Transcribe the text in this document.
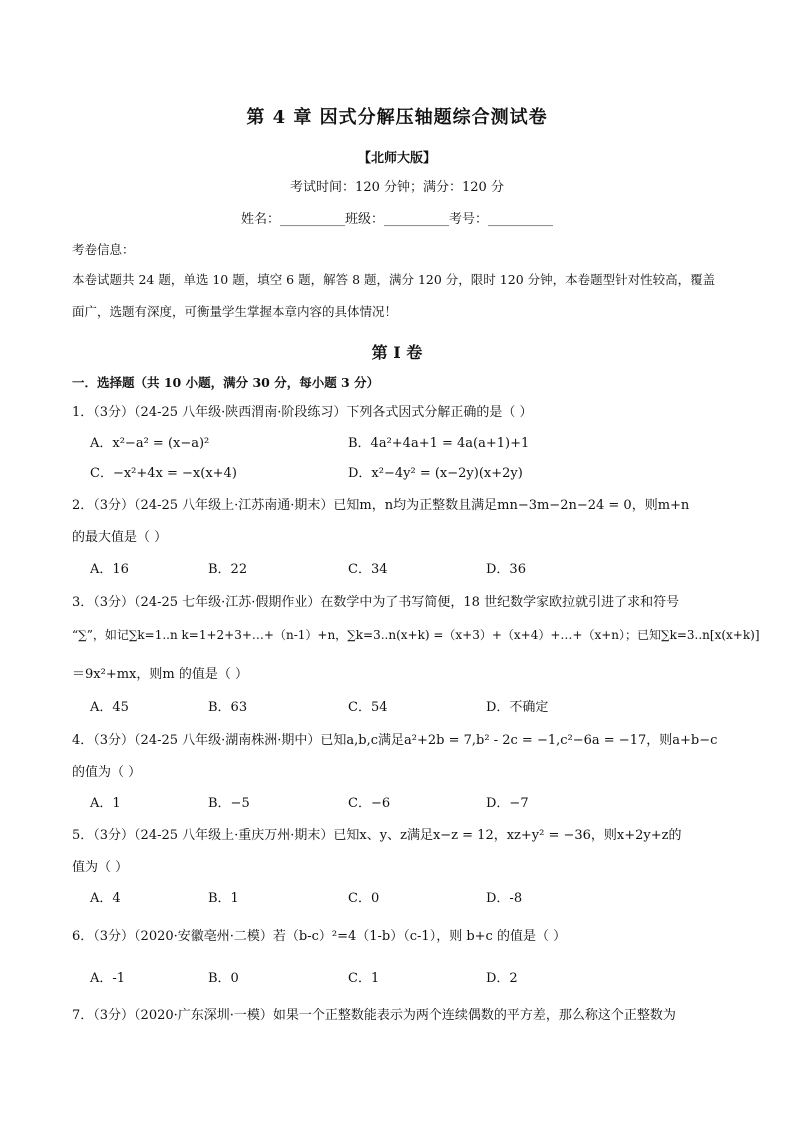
第 4 章 因式分解压轴题综合测试卷
【北师大版】
考试时间：120 分钟；满分：120 分
姓名：__________班级：__________考号：__________
考卷信息：
本卷试题共 24 题，单选 10 题，填空 6 题，解答 8 题，满分 120 分，限时 120 分钟，本卷题型针对性较高，覆盖
面广，选题有深度，可衡量学生掌握本章内容的具体情况！
第 I 卷
一．选择题（共 10 小题，满分 30 分，每小题 3 分）
1．（3分）（24-25 八年级·陕西渭南·阶段练习）下列各式因式分解正确的是（ ）
A．x²−a² = (x−a)²	B．4a²+4a+1 = 4a(a+1)+1
C．−x²+4x = −x(x+4)	D．x²−4y² = (x−2y)(x+2y)
2．（3分）（24-25 八年级上·江苏南通·期末）已知m，n均为正整数且满足mn−3m−2n−24 = 0，则m+n
的最大值是（ ）
A．16	B．22	C．34	D．36
3．（3分）（24-25 七年级·江苏·假期作业）在数学中为了书写简便，18 世纪数学家欧拉就引进了求和符号
“∑”，如记∑k=1..n k=1+2+3+…+（n-1）+n，∑k=3..n(x+k) =（x+3）+（x+4）+…+（x+n）；已知∑k=3..n[x(x+k)]
＝9x²+mx，则m 的值是（ ）
A．45	B．63	C．54	D．不确定
4．（3分）（24-25 八年级·湖南株洲·期中）已知a,b,c满足a²+2b = 7,b² - 2c = −1,c²−6a = −17，则a+b−c
的值为（ ）
A．1	B．−5	C．−6	D．−7
5．（3分）（24-25 八年级上·重庆万州·期末）已知x、y、z满足x−z = 12，xz+y² = −36，则x+2y+z的
值为（ ）
A．4	B．1	C．0	D．-8
6．（3分）（2020·安徽亳州·二模）若（b-c）²=4（1-b）（c-1），则 b+c 的值是（ ）
A．-1	B．0	C．1	D．2
7．（3分）（2020·广东深圳·一模）如果一个正整数能表示为两个连续偶数的平方差，那么称这个正整数为
